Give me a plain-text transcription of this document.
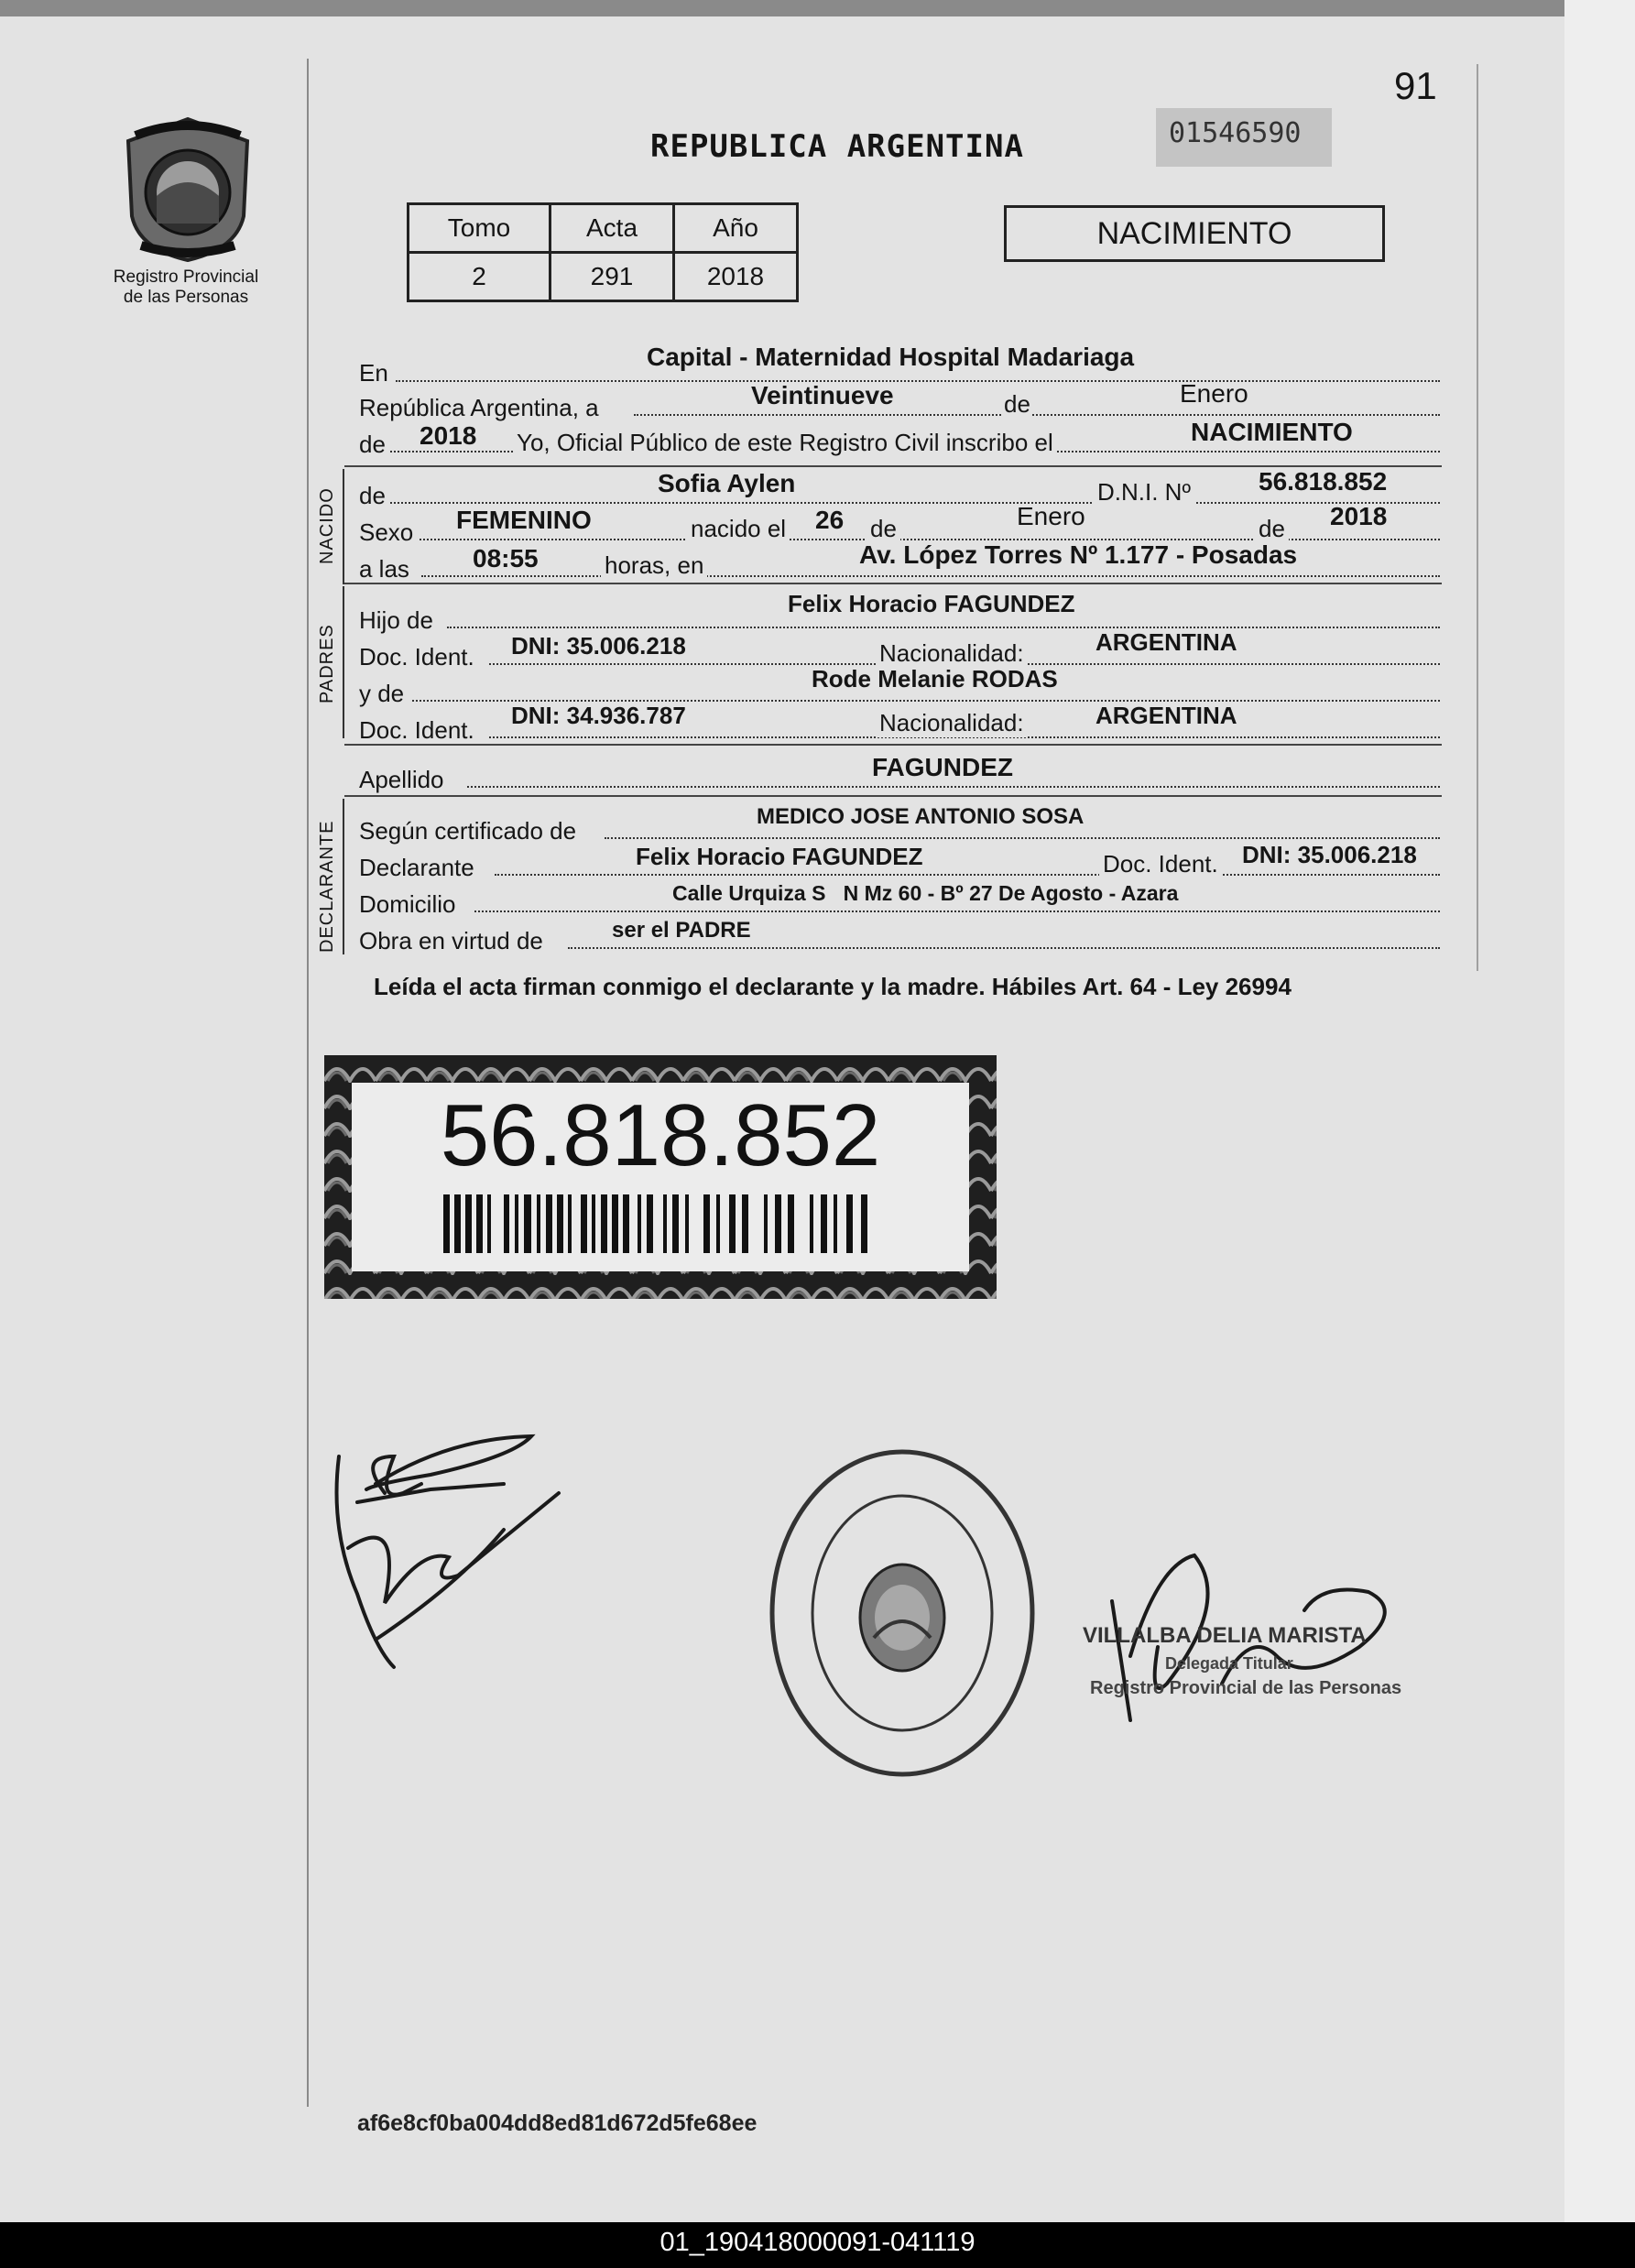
91
Registro Provincial
de las Personas
REPUBLICA ARGENTINA	01546590
Tomo	Acta	Año
2	291	2018
NACIMIENTO
En
Capital - Maternidad Hospital Madariaga
República Argentina, a	Veintinueve	de	Enero
de 2018 Yo, Oficial Público de este Registro Civil inscribo el	NACIMIENTO
NACIDO de	Sofia Aylen	D.N.I. Nº	56.818.852
Sexo FEMENINO	nacido el 26 de	Enero	de 2018
a las 08:55	horas, en	Av. López Torres Nº 1.177 - Posadas
PADRES
Hijo de
Felix Horacio FAGUNDEZ
Doc. Ident. DNI: 35.006.218	Nacionalidad:	ARGENTINA
y de
Rode Melanie RODAS
Doc. Ident.
DNI: 34.936.787	Nacionalidad:	ARGENTINA
Apellido	FAGUNDEZ
DECLARANTE Según certificado de
MEDICO JOSE ANTONIO SOSA
Declarante	Felix Horacio FAGUNDEZ	Doc. Ident. DNI: 35.006.218
Domicilio	Calle Urquiza S   N Mz 60 - Bº 27 De Agosto - Azara
Obra en virtud de	ser el PADRE
Leída el acta firman conmigo el declarante y la madre. Hábiles Art. 64 - Ley 26994
56.818.852
VILLALBA DELIA MARISTA
Delegada Titular
Registro Provincial de las Personas
af6e8cf0ba004dd8ed81d672d5fe68ee
01_190418000091-041119
